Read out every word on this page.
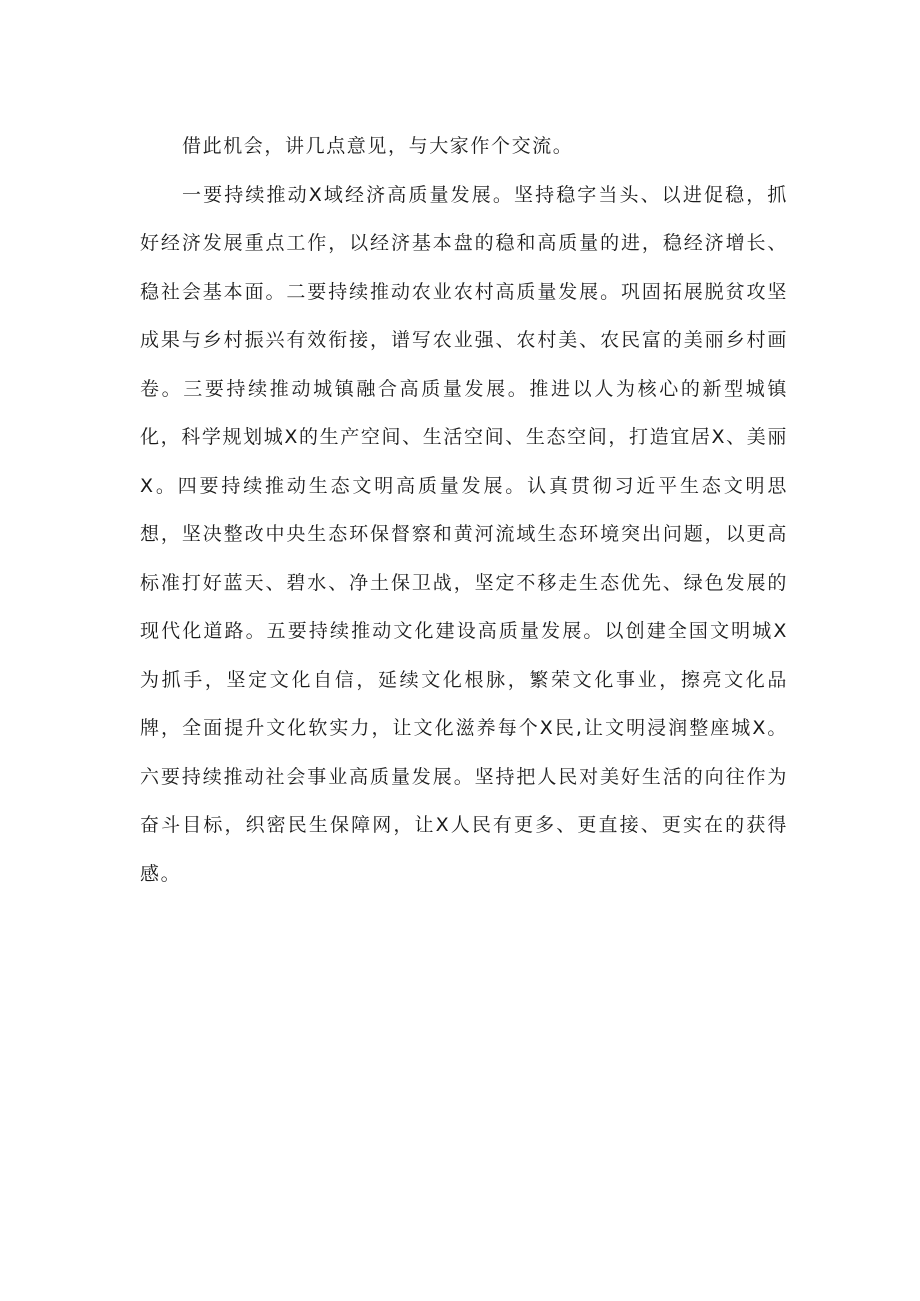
借此机会，讲几点意见，与大家作个交流。

一要持续推动X域经济高质量发展。坚持稳字当头、以进促稳，抓好经济发展重点工作，以经济基本盘的稳和高质量的进，稳经济增长、稳社会基本面。二要持续推动农业农村高质量发展。巩固拓展脱贫攻坚成果与乡村振兴有效衔接，谱写农业强、农村美、农民富的美丽乡村画卷。三要持续推动城镇融合高质量发展。推进以人为核心的新型城镇化，科学规划城X的生产空间、生活空间、生态空间，打造宜居X、美丽X。四要持续推动生态文明高质量发展。认真贯彻习近平生态文明思想，坚决整改中央生态环保督察和黄河流域生态环境突出问题，以更高标准打好蓝天、碧水、净土保卫战，坚定不移走生态优先、绿色发展的现代化道路。五要持续推动文化建设高质量发展。以创建全国文明城X为抓手，坚定文化自信，延续文化根脉，繁荣文化事业，擦亮文化品牌，全面提升文化软实力，让文化滋养每个X民,让文明浸润整座城X。六要持续推动社会事业高质量发展。坚持把人民对美好生活的向往作为奋斗目标，织密民生保障网，让X人民有更多、更直接、更实在的获得感。
